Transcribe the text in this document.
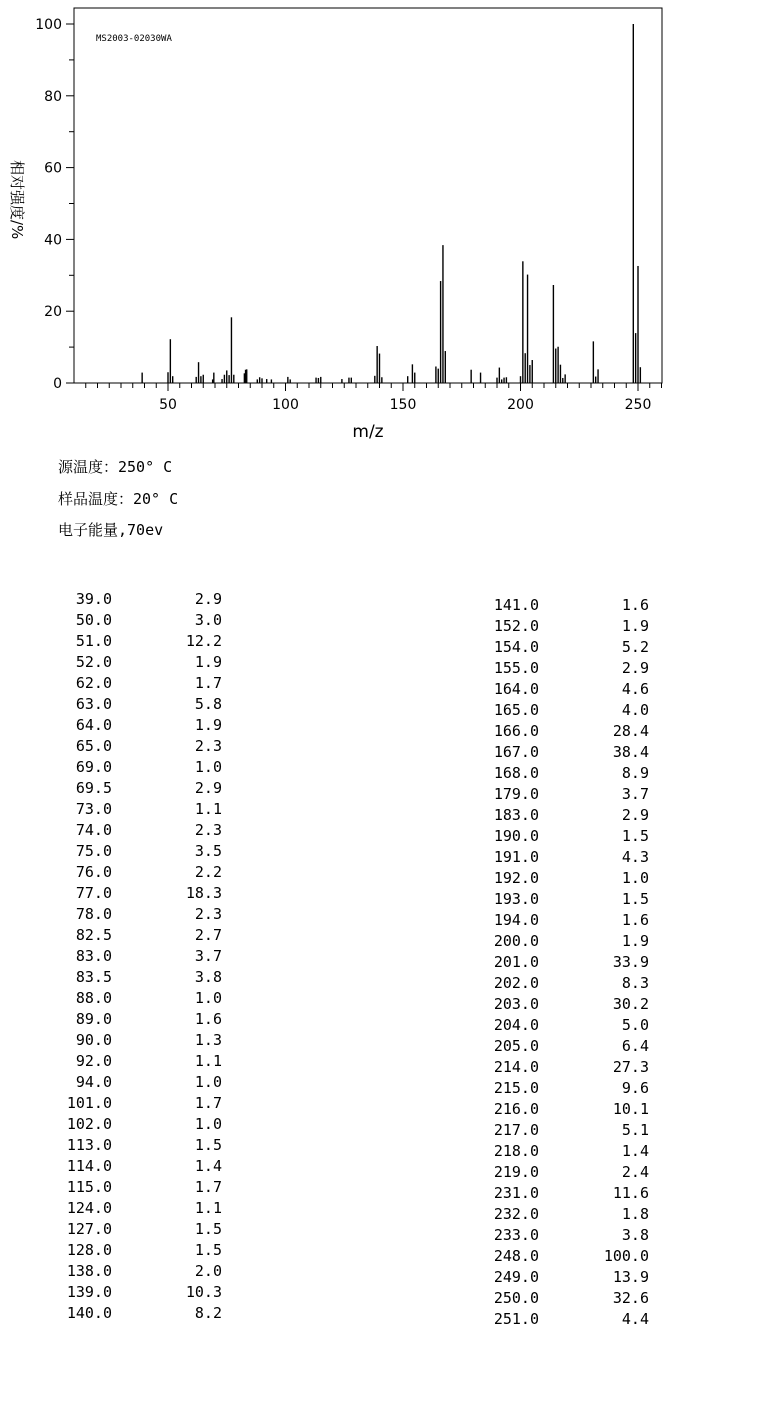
MS2003-02030WA
0
20
40
60
80
100
50	100	150	200	250
m/z
相对强度/%
源温度：250° C
样品温度：20° C
电子能量,70ev
39.0	2.9
50.0	3.0
51.0	12.2
52.0	1.9
62.0	1.7
63.0	5.8
64.0	1.9
65.0	2.3
69.0	1.0
69.5	2.9
73.0	1.1
74.0	2.3
75.0	3.5
76.0	2.2
77.0	18.3
78.0	2.3
82.5	2.7
83.0	3.7
83.5	3.8
88.0	1.0
89.0	1.6
90.0	1.3
92.0	1.1
94.0	1.0
101.0	1.7
102.0	1.0
113.0	1.5
114.0	1.4
115.0	1.7
124.0	1.1
127.0	1.5
128.0	1.5
138.0	2.0
139.0	10.3
140.0	8.2
141.0	1.6
152.0	1.9
154.0	5.2
155.0	2.9
164.0	4.6
165.0	4.0
166.0	28.4
167.0	38.4
168.0	8.9
179.0	3.7
183.0	2.9
190.0	1.5
191.0	4.3
192.0	1.0
193.0	1.5
194.0	1.6
200.0	1.9
201.0	33.9
202.0	8.3
203.0	30.2
204.0	5.0
205.0	6.4
214.0	27.3
215.0	9.6
216.0	10.1
217.0	5.1
218.0	1.4
219.0	2.4
231.0	11.6
232.0	1.8
233.0	3.8
248.0	100.0
249.0	13.9
250.0	32.6
251.0	4.4
